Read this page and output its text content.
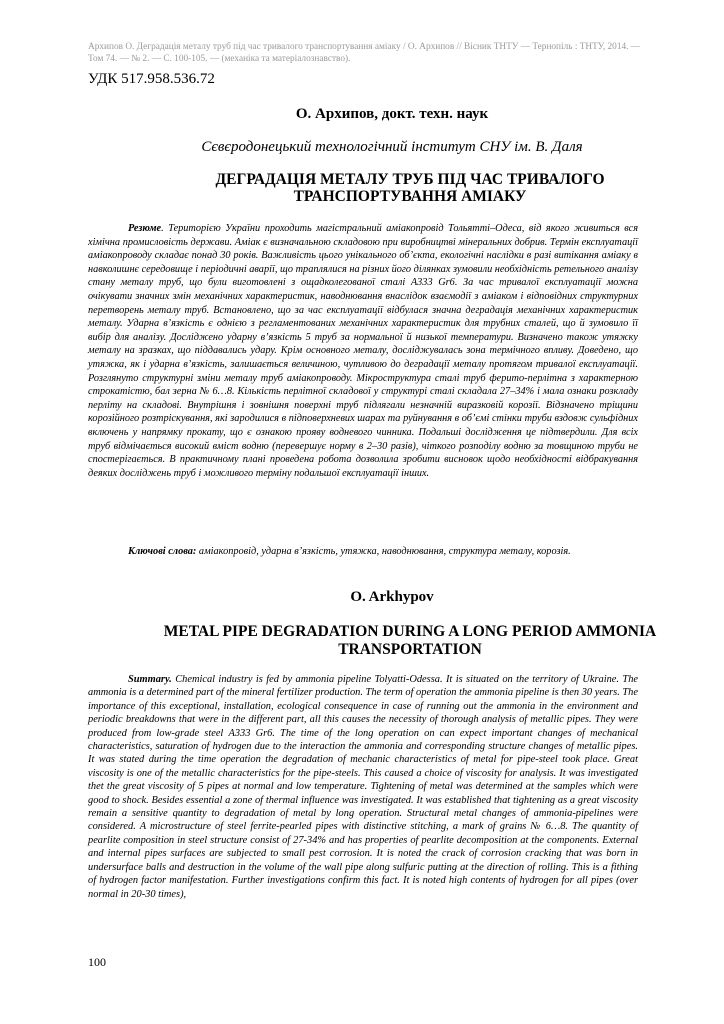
Архипов О. Деградація металу труб під час тривалого транспортування аміаку / О. Архипов // Вісник ТНТУ — Тернопіль : ТНТУ, 2014. — Том 74. — № 2. — С. 100-105. — (механіка та матеріалознавство).
УДК 517.958.536.72
О. Архипов, докт. техн. наук
Сєвєродонецький технологічний інститут СНУ ім. В. Даля
ДЕГРАДАЦІЯ МЕТАЛУ ТРУБ ПІД ЧАС ТРИВАЛОГО ТРАНСПОРТУВАННЯ АМІАКУ
Резюме. Територією України проходить магістральний аміакопровід Тольятті–Одеса, від якого живиться вся хімічна промисловість держави. Аміак є визначальною складовою при виробництві мінеральних добрив. Термін експлуатації аміакопроводу складає понад 30 років. Важливість цього унікального об’єкта, екологічні наслідки в разі витікання аміаку в навколишнє середовище і періодичні аварії, що траплялися на різних його ділянках зумовили необхідність ретельного аналізу стану металу труб, що були виготовлені з ощадколегованої сталі А333 Gr6. За час тривалої експлуатації можна очікувати значних змін механічних характеристик, наводнювання внаслідок взаємодії з аміаком і відповідних структурних перетворень металу труб. Встановлено, що за час експлуатації відбулася значна деградація механічних характеристик металу. Ударна в’язкість є однією з регламентованих механічних характеристик для трубних сталей, що й зумовило її вибір для аналізу. Досліджено ударну в’язкість 5 труб за нормальної й низької температури. Визначено також утяжку металу на зразках, що піддавались удару. Крім основного металу, досліджувалась зона термічного впливу. Доведено, що утяжка, як і ударна в’язкість, залишається величиною, чутливою до деградації металу протягом тривалої експлуатації. Розглянуто структурні зміни металу труб аміакопроводу. Мікроструктура сталі труб ферито-перлітна з характерною строкатістю, бал зерна № 6…8. Кількість перлітної складової у структурі сталі складала 27–34% і мала ознаки розкладу перліту на складові. Внутрішня і зовнішня поверхні труб підлягали незначній виразковій корозії. Відзначено тріщини корозійного розтріскування, які зародилися в підповерхневих шарах та руйнування в об’ємі стінки труби вздовж сульфідних включень у напрямку прокату, що є ознакою прояву водневого чинника. Подальші дослідження це підтвердили. Для всіх труб відмічається високий вміст водню (перевершує норму в 2–30 разів), чіткого розподілу водню за товщиною труби не спостерігається. В практичному плані проведена робота дозволила зробити висновок щодо необхідності відбракування деяких досліджень труб і можливого терміну подальшої експлуатації інших.
Ключові слова: аміакопровід, ударна в’язкість, утяжка, наводнювання, структура металу, корозія.
O. Arkhypov
METAL PIPE DEGRADATION DURING A LONG PERIOD AMMONIA TRANSPORTATION
Summary. Chemical industry is fed by ammonia pipeline Tolyatti-Odessa. It is situated on the territory of Ukraine. The ammonia is a determined part of the mineral fertilizer production. The term of operation the ammonia pipeline is then 30 years. The importance of this exceptional, installation, ecological consequence in case of running out the ammonia in the environment and periodic breakdowns that were in the different part, all this causes the necessity of thorough analysis of metallic pipes. They were produced from low-grade steel А333 Gr6. The time of the long operation on can expect important changes of mechanical characteristics, saturation of hydrogen due to the interaction the ammonia and corresponding structure changes of metallic pipes. It was stated during the time operation the degradation of mechanic characteristics of metal for pipe-steel took place. Great viscosity is one of the metallic characteristics for the pipe-steels. This caused a choice of viscosity for analysis. It was investigated thet the great viscosity of 5 pipes at normal and low temperature. Tightening of metal was determined at the samples which were good to shock. Besides essential a zone of thermal influence was investigated. It was established that tightening as a great viscosity remain a sensitive quantity to degradation of metal by long operation. Structural metal changes of ammonia-pipelines were considered. A microstructure of steel ferrite-pearled pipes with distinctive stitching, a mark of grains № 6…8. The quantity of pearlite composition in steel structure consist of 27-34% and has properties of pearlite decomposition at the components. External and internal pipes surfaces are subjected to small pest corrosion. It is noted the crack of corrosion cracking that was born in undersurface balls and destruction in the volume of the wall pipe along sulfuric putting at the direction of rolling. This is a fithing of hydrogen factor manifestation. Further investigations confirm this fact. It is noted high contents of hydrogen for all pipes (over normal in 20-30 times),
100
